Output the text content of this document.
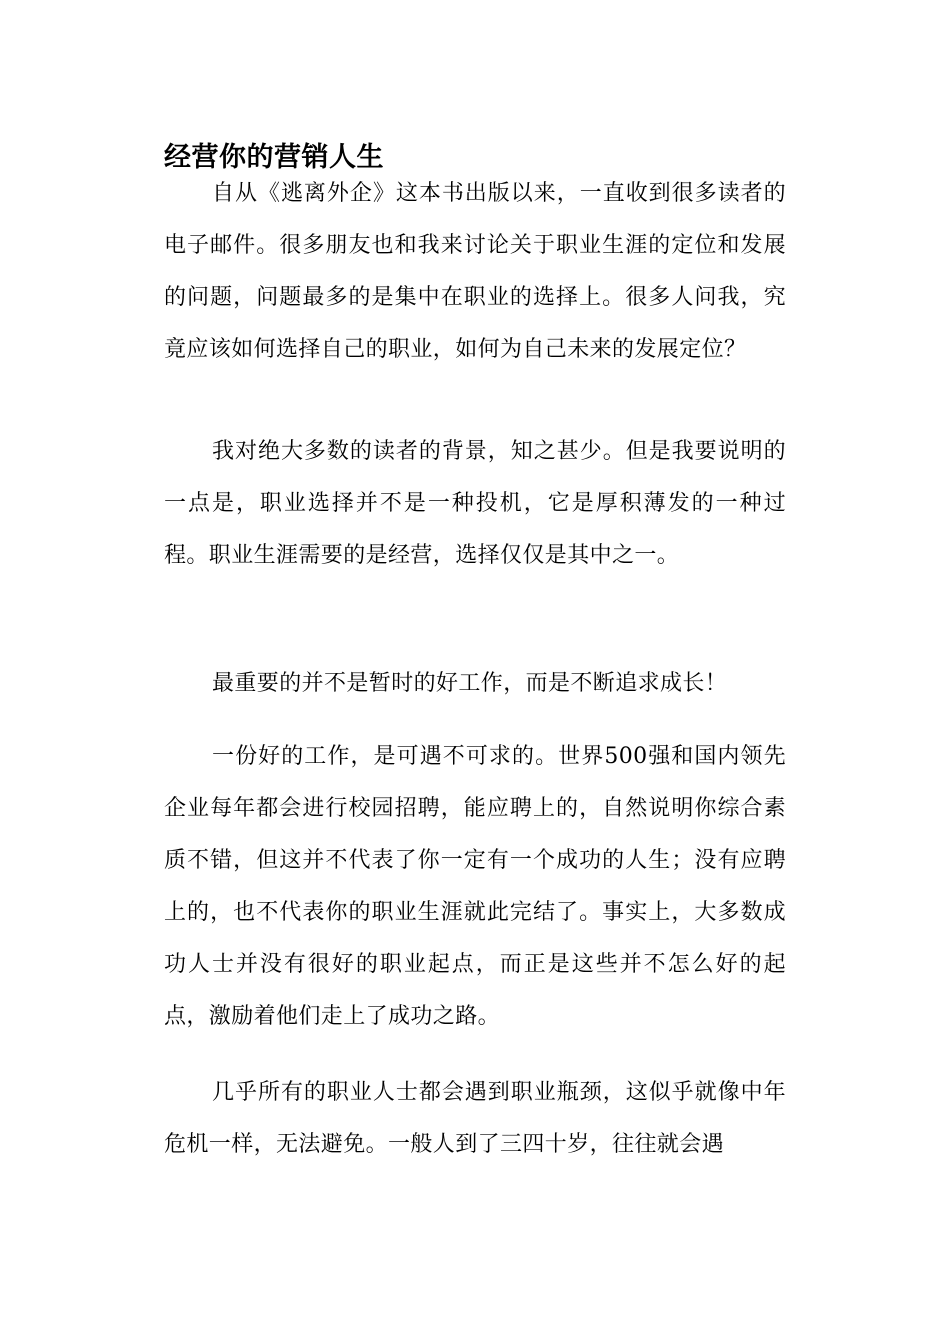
经营你的营销人生

自从《逃离外企》这本书出版以来，一直收到很多读者的电子邮件。很多朋友也和我来讨论关于职业生涯的定位和发展的问题，问题最多的是集中在职业的选择上。很多人问我，究竟应该如何选择自己的职业，如何为自己未来的发展定位？

我对绝大多数的读者的背景，知之甚少。但是我要说明的一点是，职业选择并不是一种投机，它是厚积薄发的一种过程。职业生涯需要的是经营，选择仅仅是其中之一。

最重要的并不是暂时的好工作，而是不断追求成长！

一份好的工作，是可遇不可求的。世界500强和国内领先企业每年都会进行校园招聘，能应聘上的，自然说明你综合素质不错，但这并不代表了你一定有一个成功的人生；没有应聘上的，也不代表你的职业生涯就此完结了。事实上，大多数成功人士并没有很好的职业起点，而正是这些并不怎么好的起点，激励着他们走上了成功之路。

几乎所有的职业人士都会遇到职业瓶颈，这似乎就像中年危机一样，无法避免。一般人到了三四十岁，往往就会遇
